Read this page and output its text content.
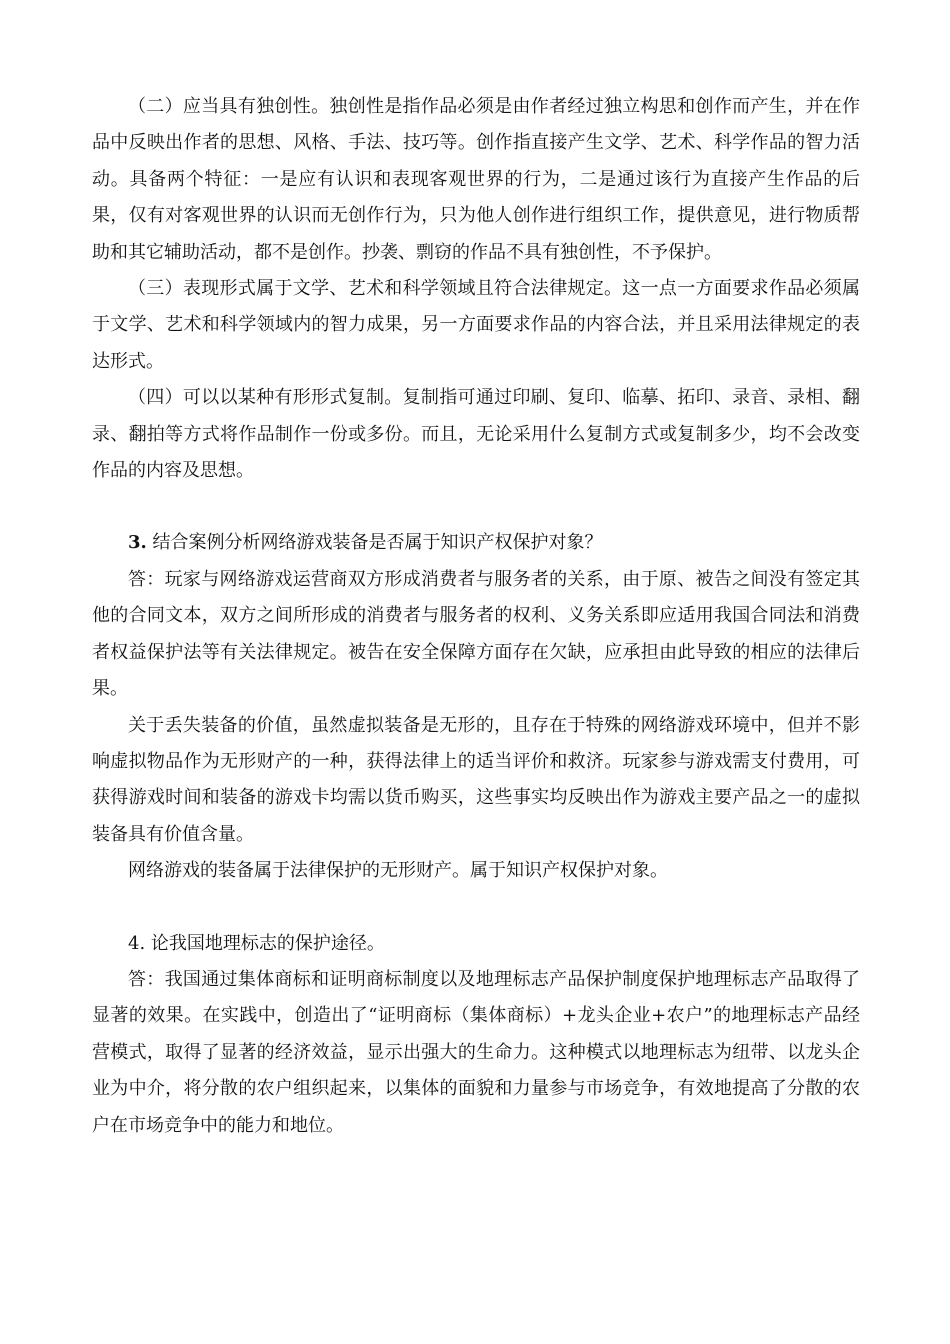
（二）应当具有独创性。独创性是指作品必须是由作者经过独立构思和创作而产生，并在作品中反映出作者的思想、风格、手法、技巧等。创作指直接产生文学、艺术、科学作品的智力活动。具备两个特征：一是应有认识和表现客观世界的行为，二是通过该行为直接产生作品的后果，仅有对客观世界的认识而无创作行为，只为他人创作进行组织工作，提供意见，进行物质帮助和其它辅助活动，都不是创作。抄袭、剽窃的作品不具有独创性，不予保护。

（三）表现形式属于文学、艺术和科学领域且符合法律规定。这一点一方面要求作品必须属于文学、艺术和科学领域内的智力成果，另一方面要求作品的内容合法，并且采用法律规定的表达形式。

（四）可以以某种有形形式复制。复制指可通过印刷、复印、临摹、拓印、录音、录相、翻录、翻拍等方式将作品制作一份或多份。而且，无论采用什么复制方式或复制多少，均不会改变作品的内容及思想。

3. 结合案例分析网络游戏装备是否属于知识产权保护对象？

答：玩家与网络游戏运营商双方形成消费者与服务者的关系，由于原、被告之间没有签定其他的合同文本，双方之间所形成的消费者与服务者的权利、义务关系即应适用我国合同法和消费者权益保护法等有关法律规定。被告在安全保障方面存在欠缺，应承担由此导致的相应的法律后果。

关于丢失装备的价值，虽然虚拟装备是无形的，且存在于特殊的网络游戏环境中，但并不影响虚拟物品作为无形财产的一种，获得法律上的适当评价和救济。玩家参与游戏需支付费用，可获得游戏时间和装备的游戏卡均需以货币购买，这些事实均反映出作为游戏主要产品之一的虚拟装备具有价值含量。

网络游戏的装备属于法律保护的无形财产。属于知识产权保护对象。

4. 论我国地理标志的保护途径。

答：我国通过集体商标和证明商标制度以及地理标志产品保护制度保护地理标志产品取得了显著的效果。在实践中，创造出了“证明商标（集体商标）+龙头企业+农户”的地理标志产品经营模式，取得了显著的经济效益，显示出强大的生命力。这种模式以地理标志为纽带、以龙头企业为中介，将分散的农户组织起来，以集体的面貌和力量参与市场竞争，有效地提高了分散的农户在市场竞争中的能力和地位。
